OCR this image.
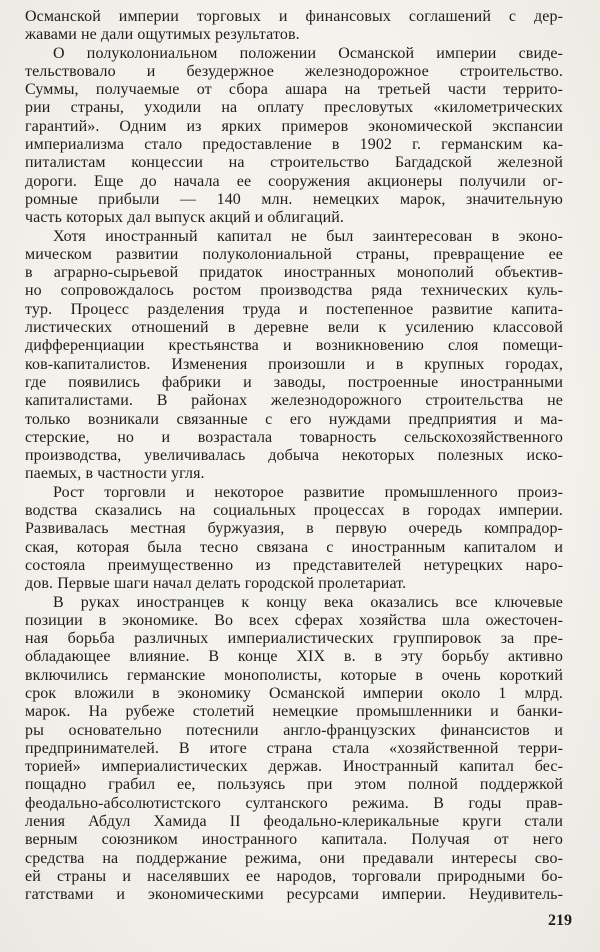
Османской империи торговых и финансовых соглашений с дер-
жавами не дали ощутимых результатов.
О полуколониальном положении Османской империи свиде-
тельствовало и безудержное железнодорожное строительство.
Суммы, получаемые от сбора ашара на третьей части террито-
рии страны, уходили на оплату пресловутых «километрических
гарантий». Одним из ярких примеров экономической экспансии
империализма стало предоставление в 1902 г. германским ка-
питалистам концессии на строительство Багдадской железной
дороги. Еще до начала ее сооружения акционеры получили ог-
ромные прибыли — 140 млн. немецких марок, значительную
часть которых дал выпуск акций и облигаций.
Хотя иностранный капитал не был заинтересован в эконо-
мическом развитии полуколониальной страны, превращение ее
в аграрно-сырьевой придаток иностранных монополий объектив-
но сопровождалось ростом производства ряда технических куль-
тур. Процесс разделения труда и постепенное развитие капита-
листических отношений в деревне вели к усилению классовой
дифференциации крестьянства и возникновению слоя помещи-
ков-капиталистов. Изменения произошли и в крупных городах,
где появились фабрики и заводы, построенные иностранными
капиталистами. В районах железнодорожного строительства не
только возникали связанные с его нуждами предприятия и ма-
стерские, но и возрастала товарность сельскохозяйственного
производства, увеличивалась добыча некоторых полезных иско-
паемых, в частности угля.
Рост торговли и некоторое развитие промышленного произ-
водства сказались на социальных процессах в городах империи.
Развивалась местная буржуазия, в первую очередь компрадор-
ская, которая была тесно связана с иностранным капиталом и
состояла преимущественно из представителей нетурецких наро-
дов. Первые шаги начал делать городской пролетариат.
В руках иностранцев к концу века оказались все ключевые
позиции в экономике. Во всех сферах хозяйства шла ожесточен-
ная борьба различных империалистических группировок за пре-
обладающее влияние. В конце XIX в. в эту борьбу активно
включились германские монополисты, которые в очень короткий
срок вложили в экономику Османской империи около 1 млрд.
марок. На рубеже столетий немецкие промышленники и банки-
ры основательно потеснили англо-французских финансистов и
предпринимателей. В итоге страна стала «хозяйственной терри-
торией» империалистических держав. Иностранный капитал бес-
пощадно грабил ее, пользуясь при этом полной поддержкой
феодально-абсолютистского султанского режима. В годы прав-
ления Абдул Хамида II феодально-клерикальные круги стали
верным союзником иностранного капитала. Получая от него
средства на поддержание режима, они предавали интересы сво-
ей страны и населявших ее народов, торговали природными бо-
гатствами и экономическими ресурсами империи. Неудивитель-
219
